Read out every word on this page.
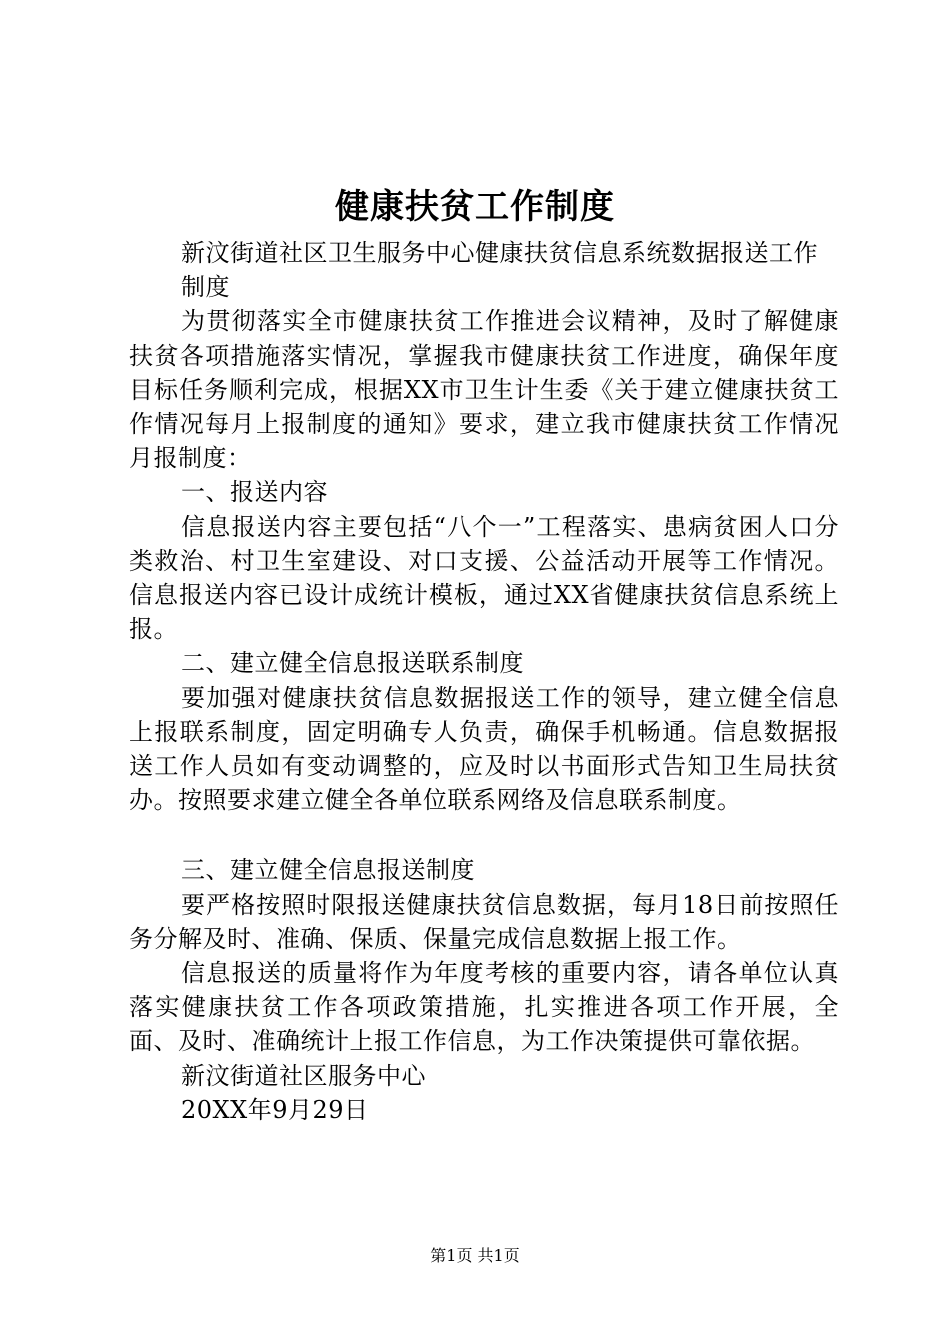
健康扶贫工作制度

新汶街道社区卫生服务中心健康扶贫信息系统数据报送工作

制度

为贯彻落实全市健康扶贫工作推进会议精神，及时了解健康扶贫各项措施落实情况，掌握我市健康扶贫工作进度，确保年度目标任务顺利完成，根据XX市卫生计生委《关于建立健康扶贫工作情况每月上报制度的通知》要求，建立我市健康扶贫工作情况月报制度：

一、报送内容

信息报送内容主要包括“八个一”工程落实、患病贫困人口分类救治、村卫生室建设、对口支援、公益活动开展等工作情况。信息报送内容已设计成统计模板，通过XX省健康扶贫信息系统上报。

二、建立健全信息报送联系制度

要加强对健康扶贫信息数据报送工作的领导，建立健全信息上报联系制度，固定明确专人负责，确保手机畅通。信息数据报送工作人员如有变动调整的，应及时以书面形式告知卫生局扶贫办。按照要求建立健全各单位联系网络及信息联系制度。

三、建立健全信息报送制度

要严格按照时限报送健康扶贫信息数据，每月18日前按照任务分解及时、准确、保质、保量完成信息数据上报工作。

信息报送的质量将作为年度考核的重要内容，请各单位认真落实健康扶贫工作各项政策措施，扎实推进各项工作开展，全面、及时、准确统计上报工作信息，为工作决策提供可靠依据。

新汶街道社区服务中心

20XX年9月29日

第1页 共1页
